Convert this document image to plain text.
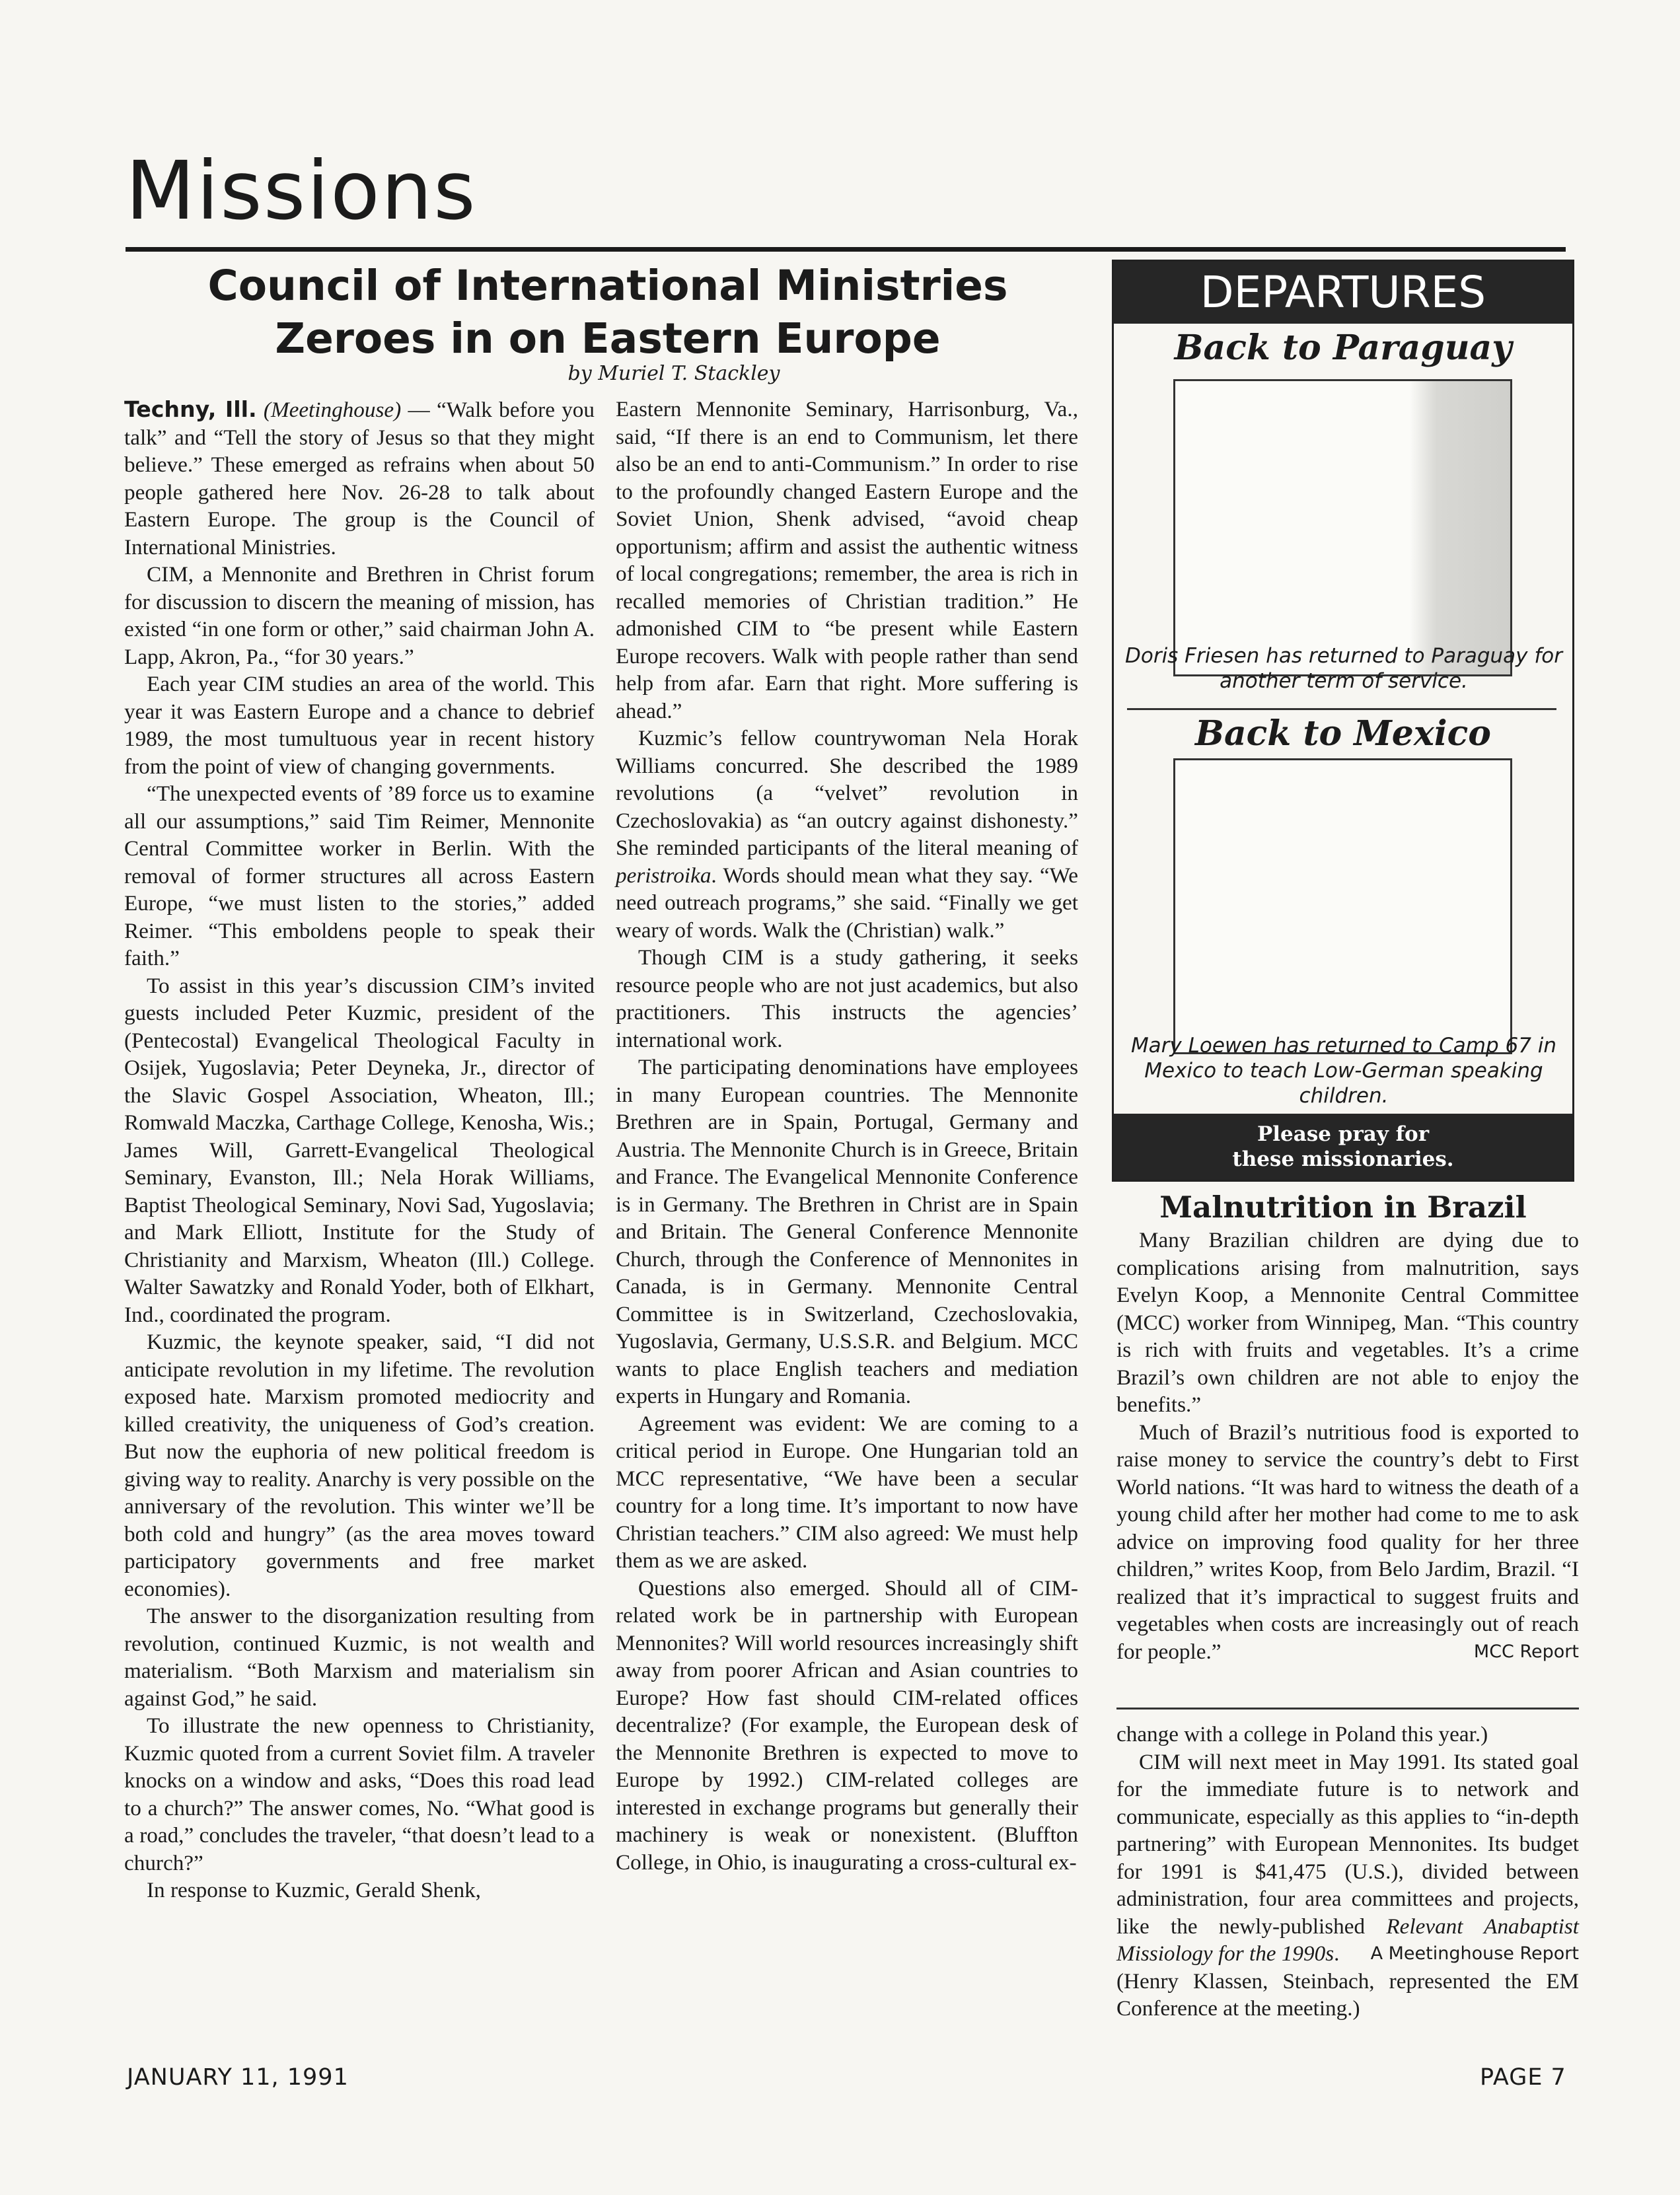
Missions
Council of International Ministries
Zeroes in on Eastern Europe
by Muriel T. Stackley

Techny, Ill. (Meetinghouse) — “Walk before you talk” and “Tell the story of Jesus so that they might believe.” These emerged as refrains when about 50 people gathered here Nov. 26-28 to talk about Eastern Europe. The group is the Council of International Ministries.

CIM, a Mennonite and Brethren in Christ forum for discussion to discern the meaning of mission, has existed “in one form or other,” said chairman John A. Lapp, Akron, Pa., “for 30 years.”

Each year CIM studies an area of the world. This year it was Eastern Europe and a chance to debrief 1989, the most tumultuous year in recent history from the point of view of changing governments.

“The unexpected events of ’89 force us to examine all our assumptions,” said Tim Reimer, Mennonite Central Committee worker in Berlin. With the removal of former structures all across Eastern Europe, “we must listen to the stories,” added Reimer. “This emboldens people to speak their faith.”

To assist in this year’s discussion CIM’s invited guests included Peter Kuzmic, president of the (Pentecostal) Evangelical Theological Faculty in Osijek, Yugoslavia; Peter Deyneka, Jr., director of the Slavic Gospel Association, Wheaton, Ill.; Romwald Maczka, Carthage College, Kenosha, Wis.; James Will, Garrett-Evangelical Theological Seminary, Evanston, Ill.; Nela Horak Williams, Baptist Theological Seminary, Novi Sad, Yugoslavia; and Mark Elliott, Institute for the Study of Christianity and Marxism, Wheaton (Ill.) College. Walter Sawatzky and Ronald Yoder, both of Elkhart, Ind., coordinated the program.

Kuzmic, the keynote speaker, said, “I did not anticipate revolution in my lifetime. The revolution exposed hate. Marxism promoted mediocrity and killed creativity, the uniqueness of God’s creation. But now the euphoria of new political freedom is giving way to reality. Anarchy is very possible on the anniversary of the revolution. This winter we’ll be both cold and hungry” (as the area moves toward participatory governments and free market economies).

The answer to the disorganization resulting from revolution, continued Kuzmic, is not wealth and materialism. “Both Marxism and materialism sin against God,” he said.

To illustrate the new openness to Christianity, Kuzmic quoted from a current Soviet film. A traveler knocks on a window and asks, “Does this road lead to a church?” The answer comes, No. “What good is a road,” concludes the traveler, “that doesn’t lead to a church?”

In response to Kuzmic, Gerald Shenk,

Eastern Mennonite Seminary, Harrisonburg, Va., said, “If there is an end to Communism, let there also be an end to anti-Communism.” In order to rise to the profoundly changed Eastern Europe and the Soviet Union, Shenk advised, “avoid cheap opportunism; affirm and assist the authentic witness of local congregations; remember, the area is rich in recalled memories of Christian tradition.” He admonished CIM to “be present while Eastern Europe recovers. Walk with people rather than send help from afar. Earn that right. More suffering is ahead.”

Kuzmic’s fellow countrywoman Nela Horak Williams concurred. She described the 1989 revolutions (a “velvet” revolution in Czechoslovakia) as “an outcry against dishonesty.” She reminded participants of the literal meaning of peristroika. Words should mean what they say. “We need outreach programs,” she said. “Finally we get weary of words. Walk the (Christian) walk.”

Though CIM is a study gathering, it seeks resource people who are not just academics, but also practitioners. This instructs the agencies’ international work.

The participating denominations have employees in many European countries. The Mennonite Brethren are in Spain, Portugal, Germany and Austria. The Mennonite Church is in Greece, Britain and France. The Evangelical Mennonite Conference is in Germany. The Brethren in Christ are in Spain and Britain. The General Conference Mennonite Church, through the Conference of Mennonites in Canada, is in Germany. Mennonite Central Committee is in Switzerland, Czechoslovakia, Yugoslavia, Germany, U.S.S.R. and Belgium. MCC wants to place English teachers and mediation experts in Hungary and Romania.

Agreement was evident: We are coming to a critical period in Europe. One Hungarian told an MCC representative, “We have been a secular country for a long time. It’s important to now have Christian teachers.” CIM also agreed: We must help them as we are asked.

Questions also emerged. Should all of CIM-related work be in partnership with European Mennonites? Will world resources increasingly shift away from poorer African and Asian countries to Europe? How fast should CIM-related offices decentralize? (For example, the European desk of the Mennonite Brethren is expected to move to Europe by 1992.) CIM-related colleges are interested in exchange programs but generally their machinery is weak or nonexistent. (Bluffton College, in Ohio, is inaugurating a cross-cultural ex-

DEPARTURES
Back to Paraguay
Doris Friesen has returned to Paraguay for another term of service.
Back to Mexico
Mary Loewen has returned to Camp 67 in Mexico to teach Low-German speaking children.
Please pray for
these missionaries.
Malnutrition in Brazil

Many Brazilian children are dying due to complications arising from malnutrition, says Evelyn Koop, a Mennonite Central Committee (MCC) worker from Winnipeg, Man. “This country is rich with fruits and vegetables. It’s a crime Brazil’s own children are not able to enjoy the benefits.”

Much of Brazil’s nutritious food is exported to raise money to service the country’s debt to First World nations. “It was hard to witness the death of a young child after her mother had come to me to ask advice on improving food quality for her three children,” writes Koop, from Belo Jardim, Brazil. “I realized that it’s impractical to suggest fruits and vegetables when costs are increasingly out of reach for people.”	MCC Report

change with a college in Poland this year.)

CIM will next meet in May 1991. Its stated goal for the immediate future is to network and communicate, especially as this applies to “in-depth partnering” with European Mennonites. Its budget for 1991 is $41,475 (U.S.), divided between administration, four area committees and projects, like the newly-published Relevant Anabaptist Missiology for the 1990s.	A Meetinghouse Report

(Henry Klassen, Steinbach, represented the EM Conference at the meeting.)

JANUARY 11, 1991	PAGE 7
